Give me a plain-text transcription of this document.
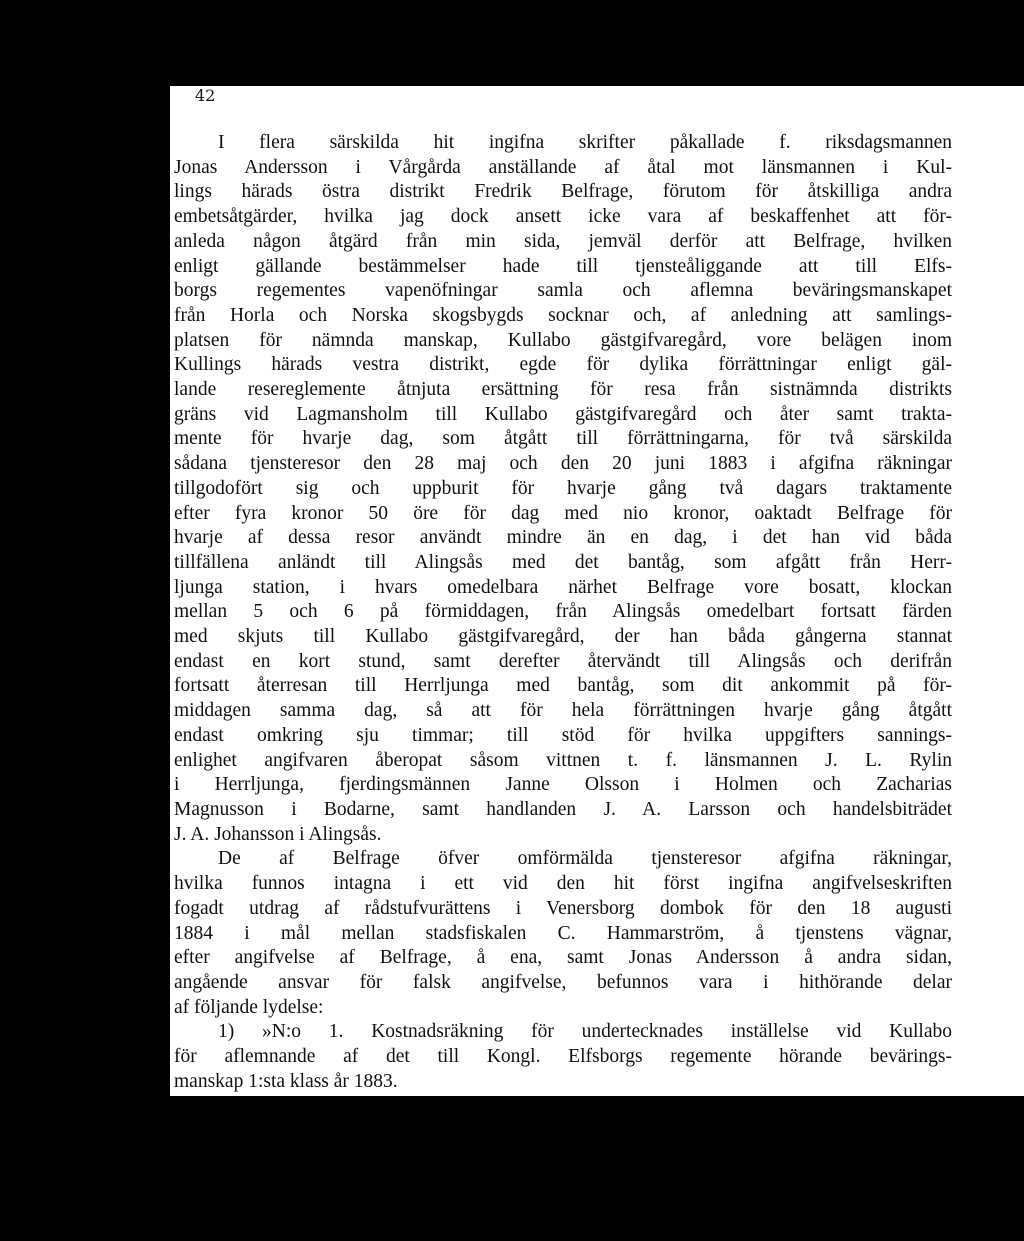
42
I flera särskilda hit ingifna skrifter påkallade f. riksdagsmannen
Jonas Andersson i Vårgårda anställande af åtal mot länsmannen i Kul-
lings härads östra distrikt Fredrik Belfrage, förutom för åtskilliga andra
embetsåtgärder, hvilka jag dock ansett icke vara af beskaffenhet att för-
anleda någon åtgärd från min sida, jemväl derför att Belfrage, hvilken
enligt gällande bestämmelser hade till tjensteåliggande att till Elfs-
borgs regementes vapenöfningar samla och aflemna beväringsmanskapet
från Horla och Norska skogsbygds socknar och, af anledning att samlings-
platsen för nämnda manskap, Kullabo gästgifvaregård, vore belägen inom
Kullings härads vestra distrikt, egde för dylika förrättningar enligt gäl-
lande resereglemente åtnjuta ersättning för resa från sistnämnda distrikts
gräns vid Lagmansholm till Kullabo gästgifvaregård och åter samt trakta-
mente för hvarje dag, som åtgått till förrättningarna, för två särskilda
sådana tjensteresor den 28 maj och den 20 juni 1883 i afgifna räkningar
tillgodofört sig och uppburit för hvarje gång två dagars traktamente
efter fyra kronor 50 öre för dag med nio kronor, oaktadt Belfrage för
hvarje af dessa resor användt mindre än en dag, i det han vid båda
tillfällena anländt till Alingsås med det bantåg, som afgått från Herr-
ljunga station, i hvars omedelbara närhet Belfrage vore bosatt, klockan
mellan 5 och 6 på förmiddagen, från Alingsås omedelbart fortsatt färden
med skjuts till Kullabo gästgifvaregård, der han båda gångerna stannat
endast en kort stund, samt derefter återvändt till Alingsås och derifrån
fortsatt återresan till Herrljunga med bantåg, som dit ankommit på för-
middagen samma dag, så att för hela förrättningen hvarje gång åtgått
endast omkring sju timmar; till stöd för hvilka uppgifters sannings-
enlighet angifvaren åberopat såsom vittnen t. f. länsmannen J. L. Rylin
i Herrljunga, fjerdingsmännen Janne Olsson i Holmen och Zacharias
Magnusson i Bodarne, samt handlanden J. A. Larsson och handelsbiträdet
J. A. Johansson i Alingsås.
De af Belfrage öfver omförmälda tjensteresor afgifna räkningar,
hvilka funnos intagna i ett vid den hit först ingifna angifvelseskriften
fogadt utdrag af rådstufvurättens i Venersborg dombok för den 18 augusti
1884 i mål mellan stadsfiskalen C. Hammarström, å tjenstens vägnar,
efter angifvelse af Belfrage, å ena, samt Jonas Andersson å andra sidan,
angående ansvar för falsk angifvelse, befunnos vara i hithörande delar
af följande lydelse:
1) »N:o 1. Kostnadsräkning för undertecknades inställelse vid Kullabo
för aflemnande af det till Kongl. Elfsborgs regemente hörande bevärings-
manskap 1:sta klass år 1883.
